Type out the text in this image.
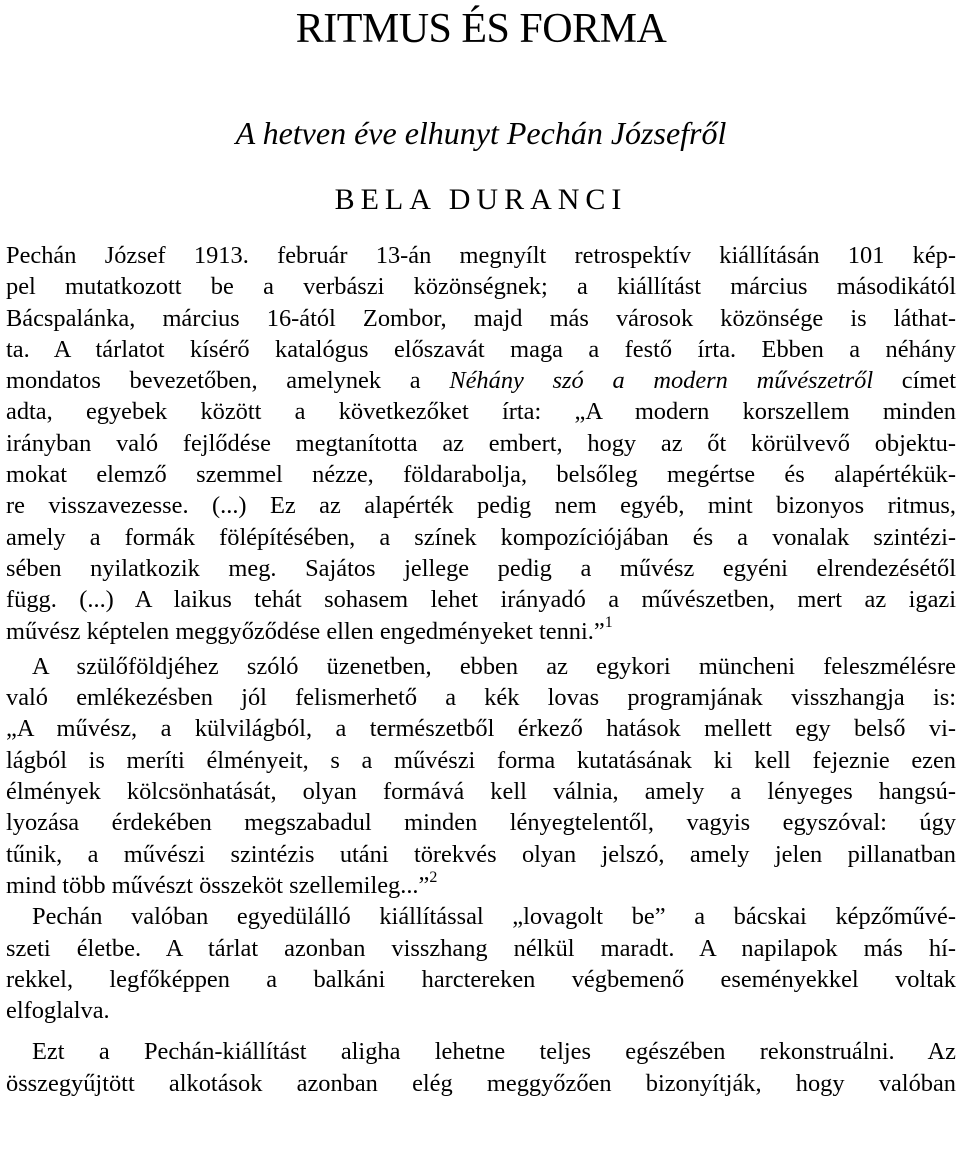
RITMUS ÉS FORMA
A hetven éve elhunyt Pechán Józsefről
BELA DURANCI

Pechán József 1913. február 13-án megnyílt retrospektív kiállításán 101 kép-
pel mutatkozott be a verbászi közönségnek; a kiállítást március másodikától
Bácspalánka, március 16-ától Zombor, majd más városok közönsége is láthat-
ta. A tárlatot kísérő katalógus előszavát maga a festő írta. Ebben a néhány
mondatos bevezetőben, amelynek a Néhány szó a modern művészetről címet
adta, egyebek között a következőket írta: „A modern korszellem minden
irányban való fejlődése megtanította az embert, hogy az őt körülvevő objektu-
mokat elemző szemmel nézze, földarabolja, belsőleg megértse és alapértékük-
re visszavezesse. (...) Ez az alapérték pedig nem egyéb, mint bizonyos ritmus,
amely a formák fölépítésében, a színek kompozíciójában és a vonalak szintézi-
sében nyilatkozik meg. Sajátos jellege pedig a művész egyéni elrendezésétől
függ. (...) A laikus tehát sohasem lehet irányadó a művészetben, mert az igazi
művész képtelen meggyőződése ellen engedményeket tenni.”$^1$

A szülőföldjéhez szóló üzenetben, ebben az egykori müncheni feleszmélésre
való emlékezésben jól felismerhető a kék lovas programjának visszhangja is:
„A művész, a külvilágból, a természetből érkező hatások mellett egy belső vi-
lágból is meríti élményeit, s a művészi forma kutatásának ki kell fejeznie ezen
élmények kölcsönhatását, olyan formává kell válnia, amely a lényeges hangsú-
lyozása érdekében megszabadul minden lényegtelentől, vagyis egyszóval: úgy
tűnik, a művészi szintézis utáni törekvés olyan jelszó, amely jelen pillanatban
mind több művészt összeköt szellemileg...”$^2$

Pechán valóban egyedülálló kiállítással „lovagolt be” a bácskai képzőművé-
szeti életbe. A tárlat azonban visszhang nélkül maradt. A napilapok más hí-
rekkel, legfőképpen a balkáni harctereken végbemenő eseményekkel voltak
elfoglalva.

Ezt a Pechán-kiállítást aligha lehetne teljes egészében rekonstruálni. Az
összegyűjtött alkotások azonban elég meggyőzően bizonyítják, hogy valóban
